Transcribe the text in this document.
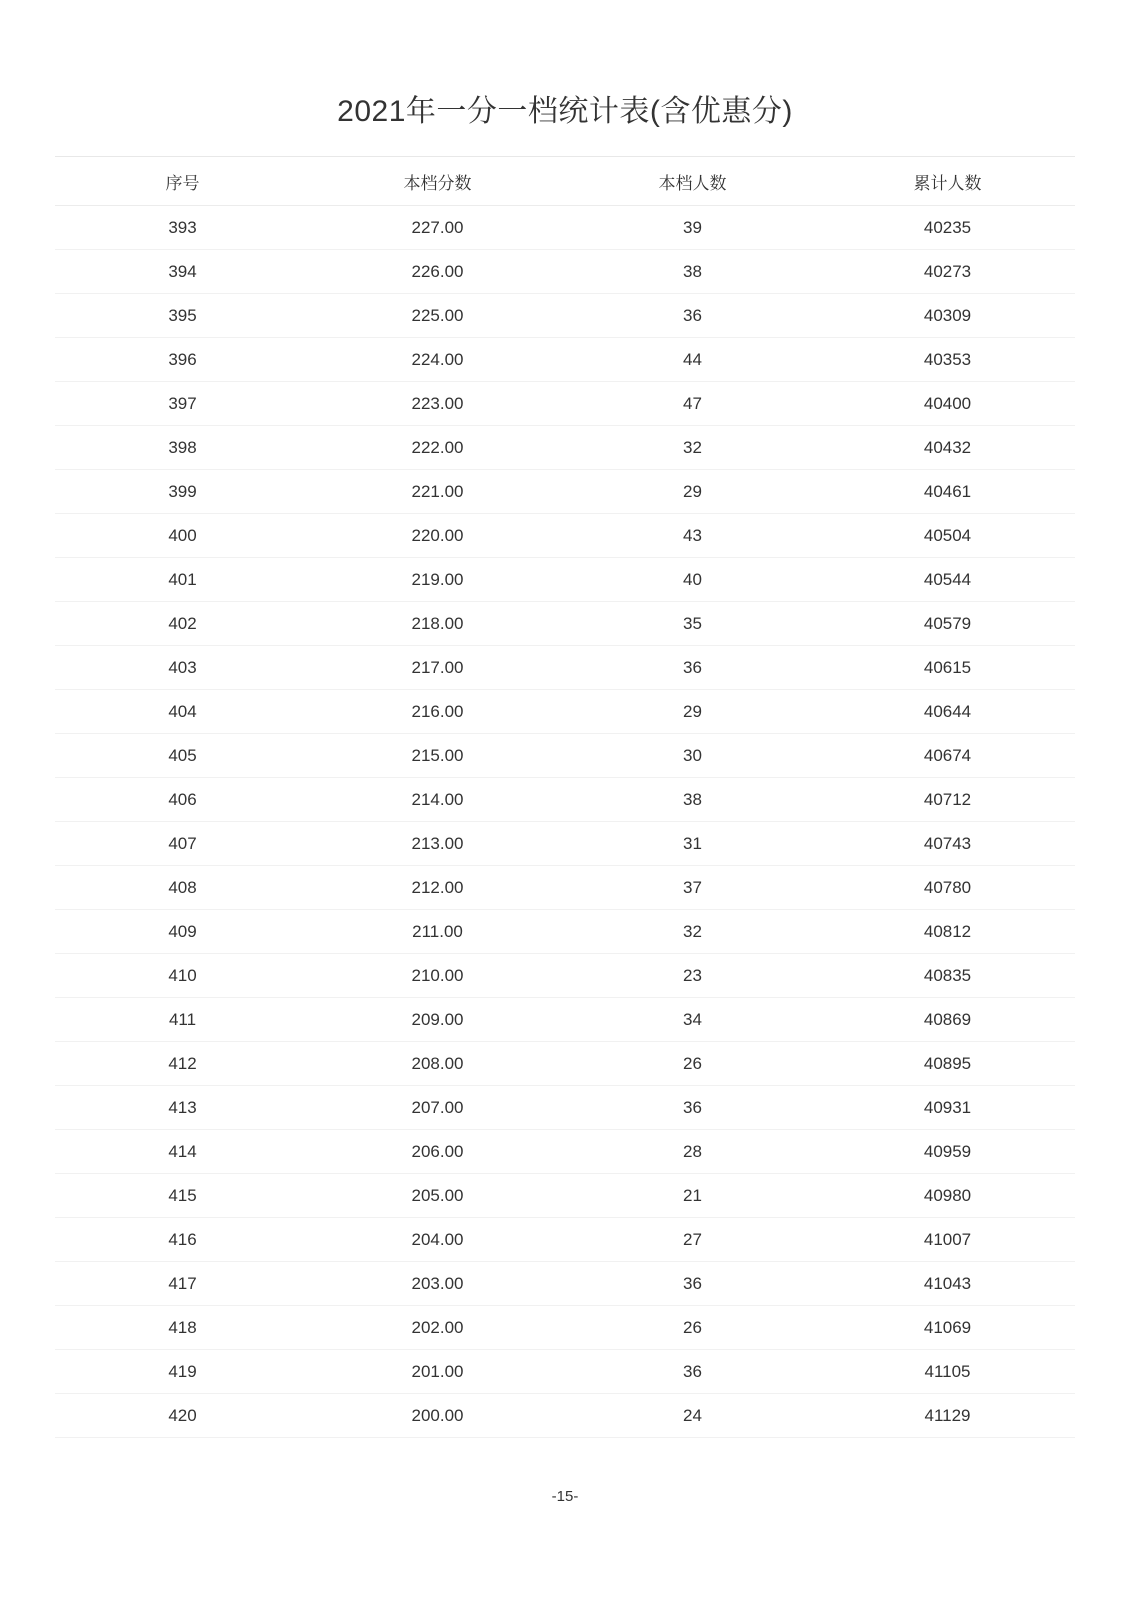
2021年一分一档统计表(含优惠分)
序号	本档分数	本档人数	累计人数
393	227.00	39	40235
394	226.00	38	40273
395	225.00	36	40309
396	224.00	44	40353
397	223.00	47	40400
398	222.00	32	40432
399	221.00	29	40461
400	220.00	43	40504
401	219.00	40	40544
402	218.00	35	40579
403	217.00	36	40615
404	216.00	29	40644
405	215.00	30	40674
406	214.00	38	40712
407	213.00	31	40743
408	212.00	37	40780
409	211.00	32	40812
410	210.00	23	40835
411	209.00	34	40869
412	208.00	26	40895
413	207.00	36	40931
414	206.00	28	40959
415	205.00	21	40980
416	204.00	27	41007
417	203.00	36	41043
418	202.00	26	41069
419	201.00	36	41105
420	200.00	24	41129
-15-
